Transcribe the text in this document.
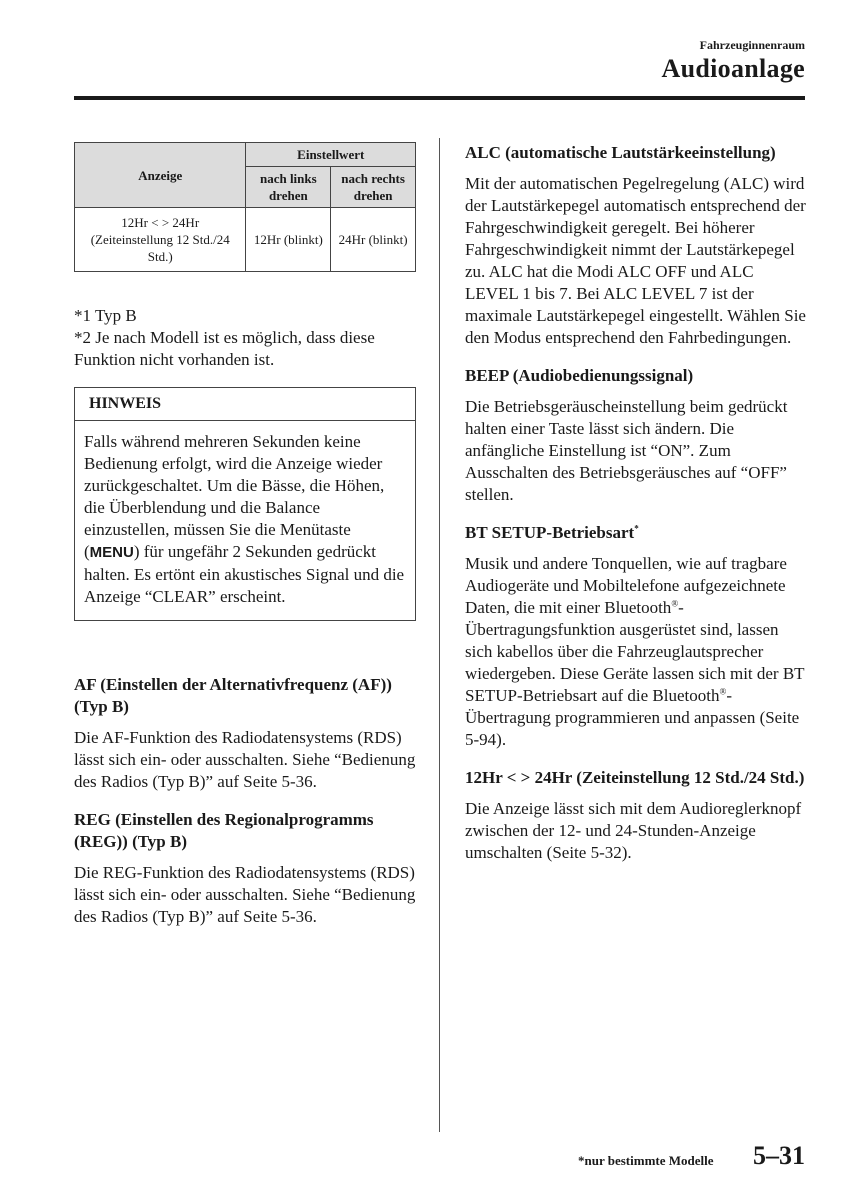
Fahrzeuginnenraum
Audioanlage
Anzeige	Einstellwert	
	nach links drehen	nach rechts drehen
12Hr < > 24Hr (Zeiteinstellung 12 Std./24 Std.)	12Hr (blinkt)	24Hr (blinkt)
*1 Typ B
*2 Je nach Modell ist es möglich, dass diese Funktion nicht vorhanden ist.
HINWEIS
Falls während mehreren Sekunden keine Bedienung erfolgt, wird die Anzeige wieder zurückgeschaltet. Um die Bässe, die Höhen, die Überblendung und die Balance einzustellen, müssen Sie die Menütaste (MENU) für ungefähr 2 Sekunden gedrückt halten. Es ertönt ein akustisches Signal und die Anzeige “CLEAR” erscheint.
AF (Einstellen der Alternativfrequenz (AF)) (Typ B)
Die AF-Funktion des Radiodatensystems (RDS) lässt sich ein- oder ausschalten. Siehe “Bedienung des Radios (Typ B)” auf Seite 5-36.
REG (Einstellen des Regionalprogramms (REG)) (Typ B)
Die REG-Funktion des Radiodatensystems (RDS) lässt sich ein- oder ausschalten. Siehe “Bedienung des Radios (Typ B)” auf Seite 5-36.
ALC (automatische Lautstärkeeinstellung)
Mit der automatischen Pegelregelung (ALC) wird der Lautstärkepegel automatisch entsprechend der Fahrgeschwindigkeit geregelt. Bei höherer Fahrgeschwindigkeit nimmt der Lautstärkepegel zu. ALC hat die Modi ALC OFF und ALC LEVEL 1 bis 7. Bei ALC LEVEL 7 ist der maximale Lautstärkepegel eingestellt. Wählen Sie den Modus entsprechend den Fahrbedingungen.
BEEP (Audiobedienungssignal)
Die Betriebsgeräuscheinstellung beim gedrückt halten einer Taste lässt sich ändern. Die anfängliche Einstellung ist “ON”. Zum Ausschalten des Betriebsgeräusches auf “OFF” stellen.
BT SETUP-Betriebsart*
Musik und andere Tonquellen, wie auf tragbare Audiogeräte und Mobiltelefone aufgezeichnete Daten, die mit einer Bluetooth®-Übertragungsfunktion ausgerüstet sind, lassen sich kabellos über die Fahrzeuglautsprecher wiedergeben. Diese Geräte lassen sich mit der BT SETUP-Betriebsart auf die Bluetooth®-Übertragung programmieren und anpassen (Seite 5-94).
12Hr < > 24Hr (Zeiteinstellung 12 Std./24 Std.)
Die Anzeige lässt sich mit dem Audioreglerknopf zwischen der 12- und 24-Stunden-Anzeige umschalten (Seite 5-32).
*nur bestimmte Modelle 5–31
